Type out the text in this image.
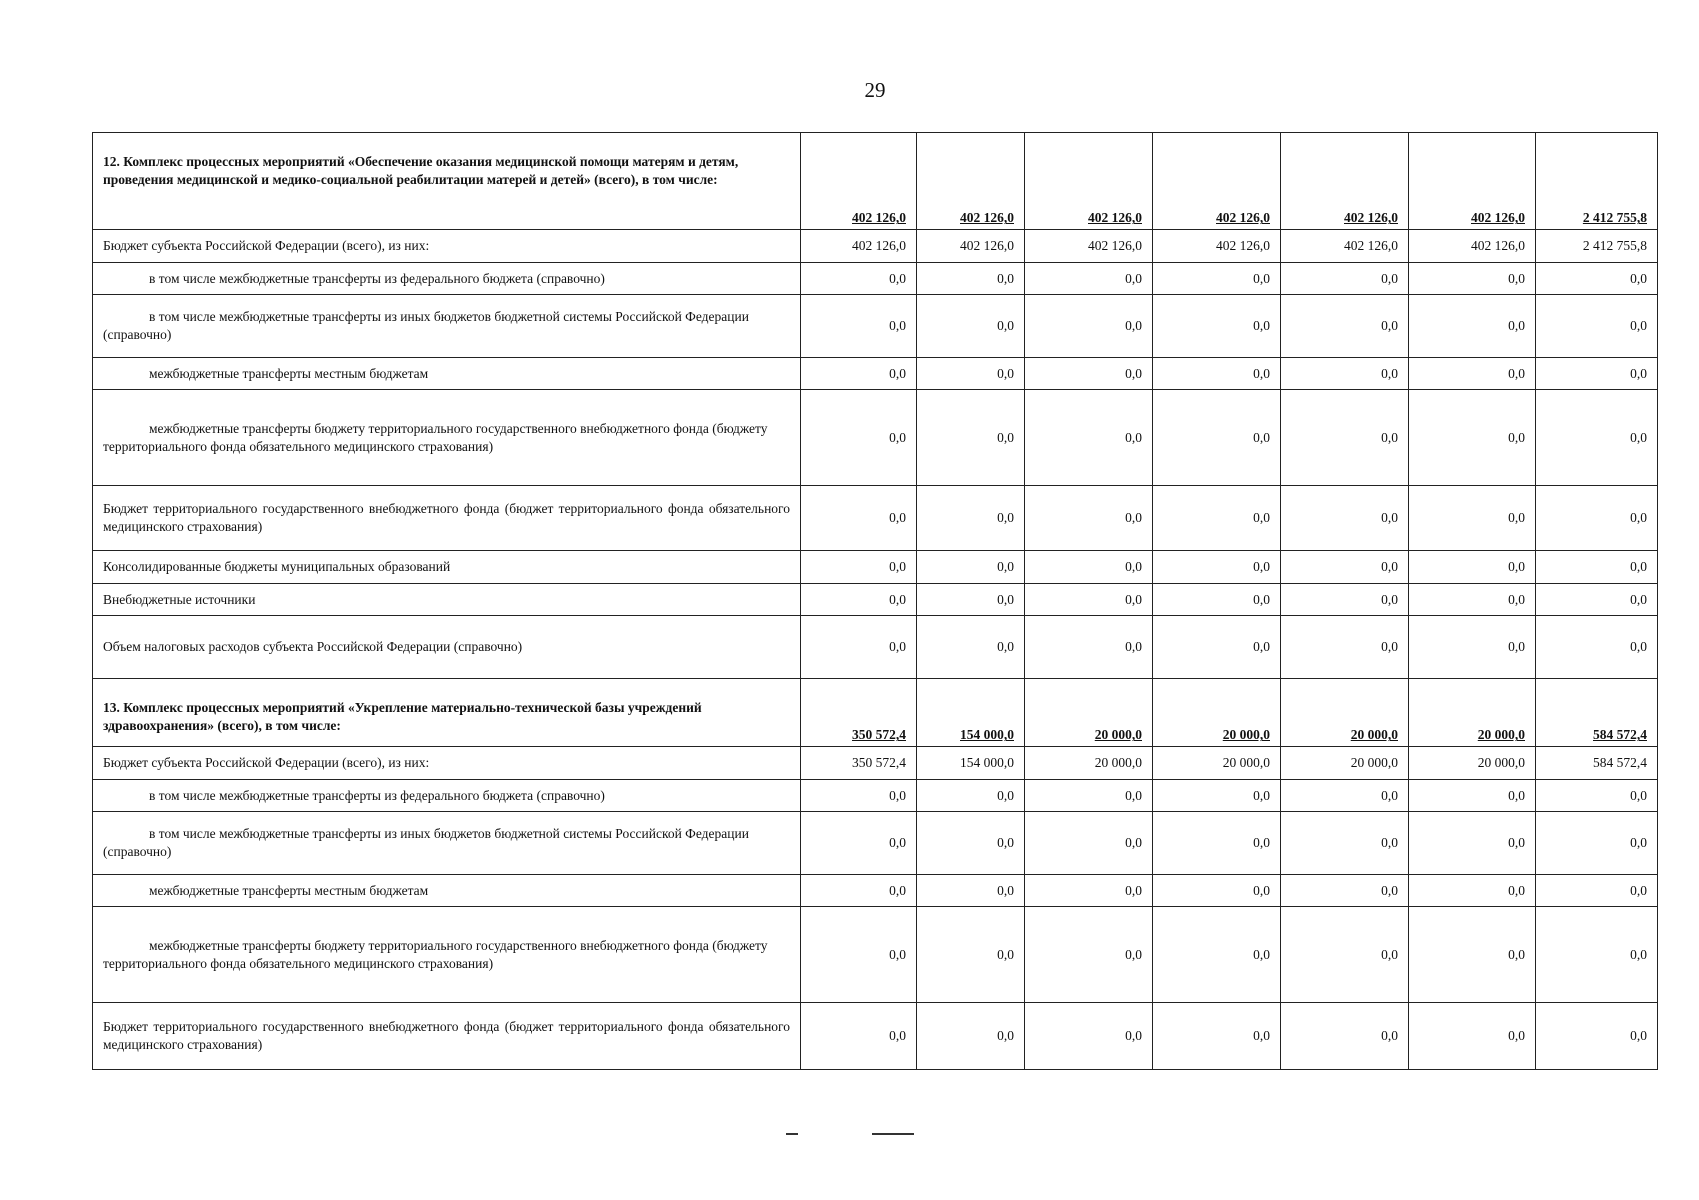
29
12. Комплекс процессных мероприятий «Обеспечение оказания медицинской помощи матерям и детям, проведения медицинской и медико-социальной реабилитации матерей и детей» (всего), в том числе:	402 126,0	402 126,0	402 126,0	402 126,0	402 126,0	402 126,0	2 412 755,8
Бюджет субъекта Российской Федерации (всего), из них:	402 126,0	402 126,0	402 126,0	402 126,0	402 126,0	402 126,0	2 412 755,8
в том числе межбюджетные трансферты из федерального бюджета (справочно)	0,0	0,0	0,0	0,0	0,0	0,0	0,0
в том числе межбюджетные трансферты из иных бюджетов бюджетной системы Российской Федерации (справочно)	0,0	0,0	0,0	0,0	0,0	0,0	0,0
межбюджетные трансферты местным бюджетам	0,0	0,0	0,0	0,0	0,0	0,0	0,0
межбюджетные трансферты бюджету территориального государственного внебюджетного фонда (бюджету территориального фонда обязательного медицинского страхования)	0,0	0,0	0,0	0,0	0,0	0,0	0,0
Бюджет территориального государственного внебюджетного фонда (бюджет территориального фонда обязательного медицинского страхования)	0,0	0,0	0,0	0,0	0,0	0,0	0,0
Консолидированные бюджеты муниципальных образований	0,0	0,0	0,0	0,0	0,0	0,0	0,0
Внебюджетные источники	0,0	0,0	0,0	0,0	0,0	0,0	0,0
Объем налоговых расходов субъекта Российской Федерации (справочно)	0,0	0,0	0,0	0,0	0,0	0,0	0,0
13. Комплекс процессных мероприятий «Укрепление материально-технической базы учреждений здравоохранения» (всего), в том числе:	350 572,4	154 000,0	20 000,0	20 000,0	20 000,0	20 000,0	584 572,4
Бюджет субъекта Российской Федерации (всего), из них:	350 572,4	154 000,0	20 000,0	20 000,0	20 000,0	20 000,0	584 572,4
в том числе межбюджетные трансферты из федерального бюджета (справочно)	0,0	0,0	0,0	0,0	0,0	0,0	0,0
в том числе межбюджетные трансферты из иных бюджетов бюджетной системы Российской Федерации (справочно)	0,0	0,0	0,0	0,0	0,0	0,0	0,0
межбюджетные трансферты местным бюджетам	0,0	0,0	0,0	0,0	0,0	0,0	0,0
межбюджетные трансферты бюджету территориального государственного внебюджетного фонда (бюджету территориального фонда обязательного медицинского страхования)	0,0	0,0	0,0	0,0	0,0	0,0	0,0
Бюджет территориального государственного внебюджетного фонда (бюджет территориального фонда обязательного медицинского страхования)	0,0	0,0	0,0	0,0	0,0	0,0	0,0
